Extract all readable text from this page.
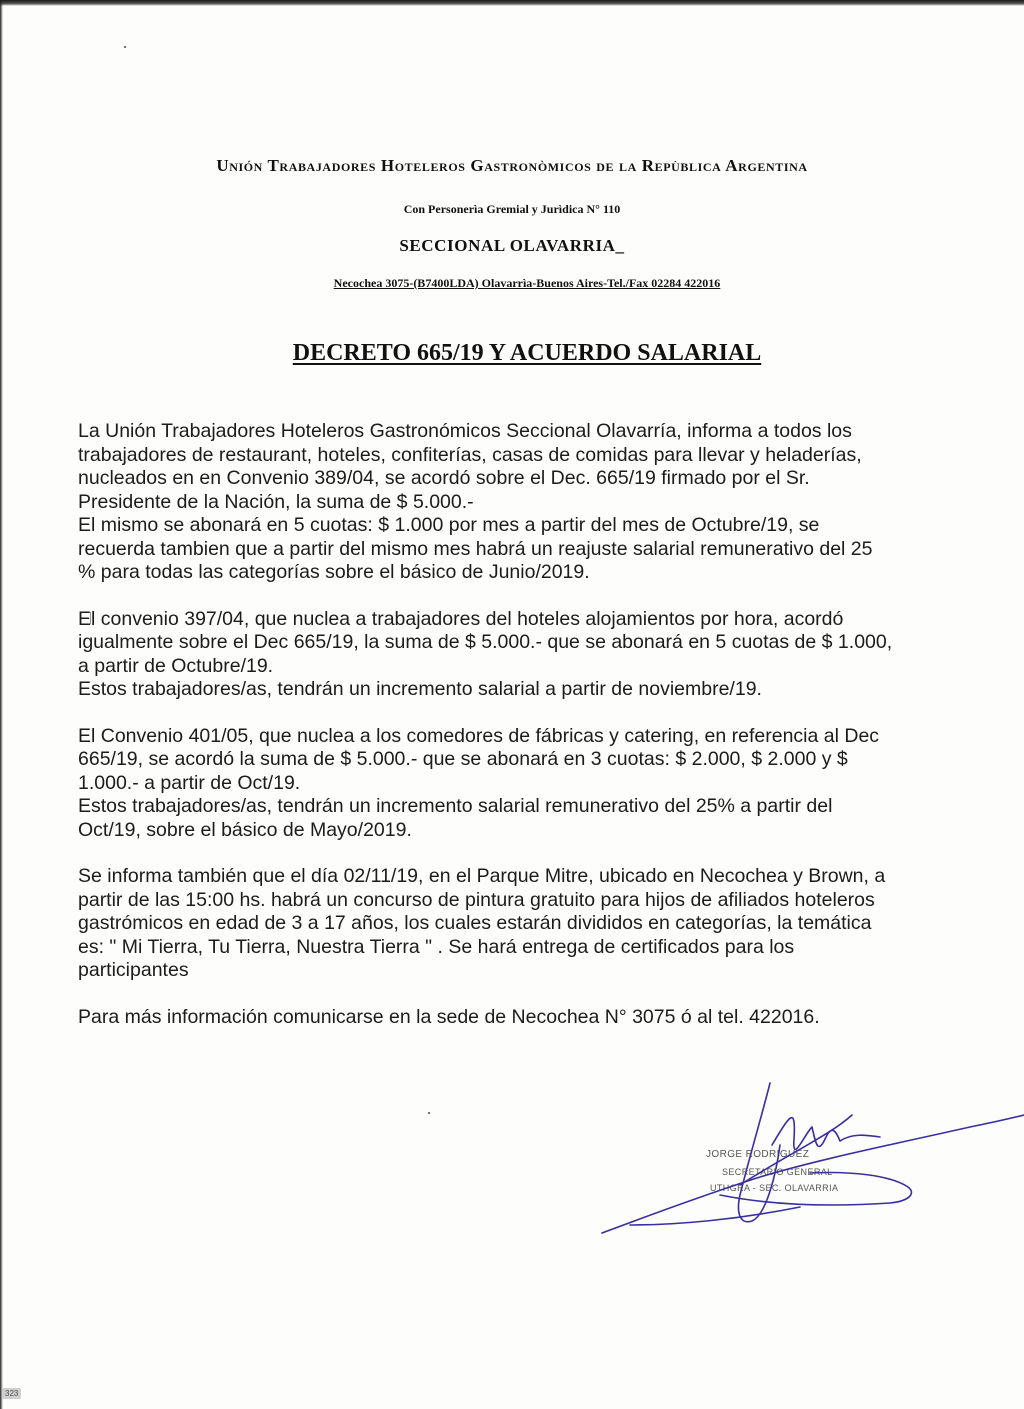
Unión Trabajadores Hoteleros Gastronòmicos de la Repùblica Argentina
Con Personerìa Gremial y Jurìdica N° 110
SECCIONAL OLAVARRIA_
Necochea 3075-(B7400LDA) Olavarrìa-Buenos Aires-Tel./Fax 02284 422016
DECRETO 665/19 Y ACUERDO SALARIAL

La Unión Trabajadores Hoteleros Gastronómicos Seccional Olavarría, informa a todos los
trabajadores de restaurant, hoteles, confiterías, casas de comidas para llevar y heladerías,
nucleados en en Convenio 389/04, se acordó sobre el Dec. 665/19 firmado por el Sr.
Presidente de la Nación, la suma de $ 5.000.-
El mismo se abonará en 5 cuotas: $ 1.000 por mes a partir del mes de Octubre/19, se
recuerda tambien que a partir del mismo mes habrá un reajuste salarial remunerativo del 25
% para todas las categorías sobre el básico de Junio/2019.

El convenio 397/04, que nuclea a trabajadores del hoteles alojamientos por hora, acordó
igualmente sobre el Dec 665/19, la suma de $ 5.000.- que se abonará en 5 cuotas de $ 1.000,
a partir de Octubre/19.
Estos trabajadores/as, tendrán un incremento salarial a partir de noviembre/19.

El Convenio 401/05, que nuclea a los comedores de fábricas y catering, en referencia al Dec
665/19, se acordó la suma de $ 5.000.- que se abonará en 3 cuotas: $ 2.000, $ 2.000 y $
1.000.- a partir de Oct/19.
Estos trabajadores/as, tendrán un incremento salarial remunerativo del 25% a partir del
Oct/19, sobre el básico de Mayo/2019.

Se informa también que el día 02/11/19, en el Parque Mitre, ubicado en Necochea y Brown, a
partir de las 15:00 hs. habrá un concurso de pintura gratuito para hijos de afiliados hoteleros
gastrómicos en edad de 3 a 17 años, los cuales estarán divididos en categorías, la temática
es: " Mi Tierra, Tu Tierra, Nuestra Tierra " . Se hará entrega de certificados para los
participantes

Para más información comunicarse en la sede de Necochea N° 3075 ó al tel. 422016.

JORGE RODRIGUEZ
SECRETARIO GENERAL
UTHGRA - SEC. OLAVARRIA
323
